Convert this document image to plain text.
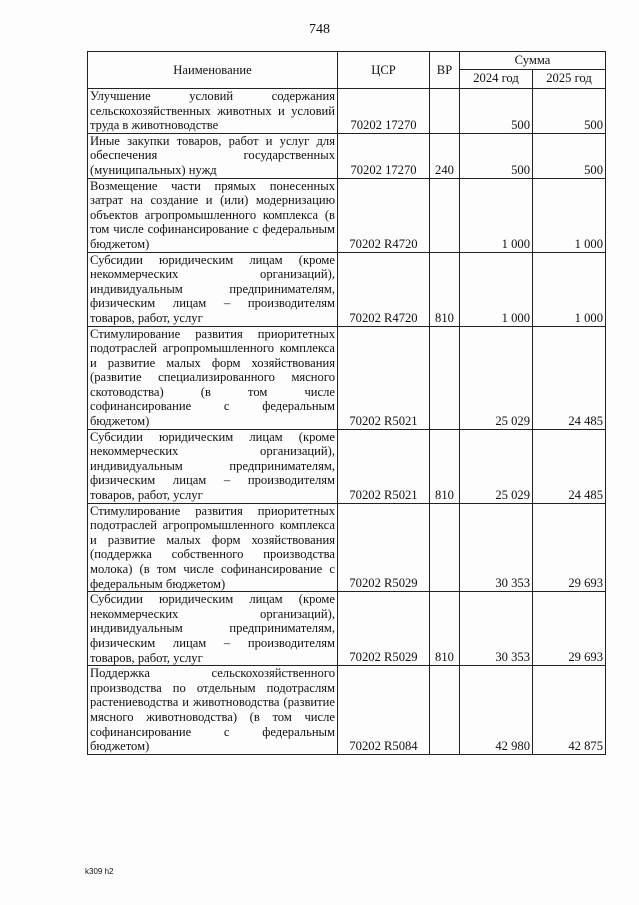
748
Наименование	ЦСР	ВР	Сумма	
			2024 год	2025 год
Улучшение условий содержания сельскохозяйственных животных и условий труда в животноводстве	70202 17270		500	500
Иные закупки товаров, работ и услуг для обеспечения государственных (муниципальных) нужд	70202 17270	240	500	500
Возмещение части прямых понесенных затрат на создание и (или) модернизацию объектов агропромышленного комплекса (в том числе софинансирование с федеральным бюджетом)	70202 R4720		1 000	1 000
Субсидии юридическим лицам (кроме некоммерческих организаций), индивидуальным предпринимателям, физическим лицам – производителям товаров, работ, услуг	70202 R4720	810	1 000	1 000
Стимулирование развития приоритетных подотраслей агропромышленного комплекса и развитие малых форм хозяйствования (развитие специализированного мясного скотоводства) (в том числе софинансирование с федеральным бюджетом)	70202 R5021		25 029	24 485
Субсидии юридическим лицам (кроме некоммерческих организаций), индивидуальным предпринимателям, физическим лицам – производителям товаров, работ, услуг	70202 R5021	810	25 029	24 485
Стимулирование развития приоритетных подотраслей агропромышленного комплекса и развитие малых форм хозяйствования (поддержка собственного производства молока) (в том числе софинансирование с федеральным бюджетом)	70202 R5029		30 353	29 693
Субсидии юридическим лицам (кроме некоммерческих организаций), индивидуальным предпринимателям, физическим лицам – производителям товаров, работ, услуг	70202 R5029	810	30 353	29 693
Поддержка сельскохозяйственного производства по отдельным подотраслям растениеводства и животноводства (развитие мясного животноводства) (в том числе софинансирование с федеральным бюджетом)	70202 R5084		42 980	42 875
k309 h2
